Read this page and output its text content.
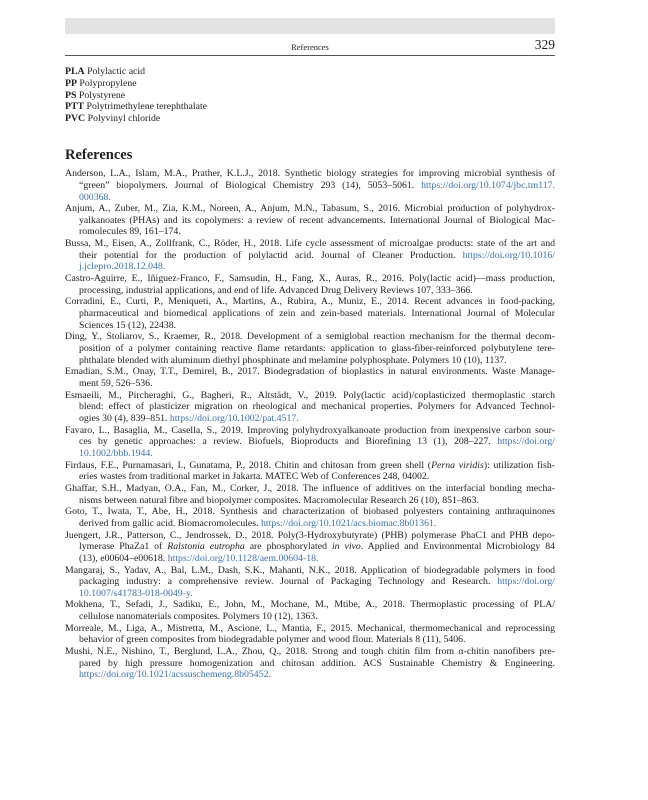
References	329
PLA Polylactic acid
PP Polypropylene
PS Polystyrene
PTT Polytrimethylene terephthalate
PVC Polyvinyl chloride
References
Anderson, L.A., Islam, M.A., Prather, K.L.J., 2018. Synthetic biology strategies for improving microbial synthesis of
“green” biopolymers. Journal of Biological Chemistry 293 (14), 5053–5061. https://doi.org/10.1074/jbc.tm117.
000368.
Anjum, A., Zuber, M., Zia, K.M., Noreen, A., Anjum, M.N., Tabasum, S., 2016. Microbial production of polyhydrox-
yalkanoates (PHAs) and its copolymers: a review of recent advancements. International Journal of Biological Mac-
romolecules 89, 161–174.
Bussa, M., Eisen, A., Zollfrank, C., Röder, H., 2018. Life cycle assessment of microalgae products: state of the art and
their potential for the production of polylactid acid. Journal of Cleaner Production. https://doi.org/10.1016/
j.jclepro.2018.12.048.
Castro-Aguirre, E., Iñiguez-Franco, F., Samsudin, H., Fang, X., Auras, R., 2016. Poly(lactic acid)—mass production,
processing, industrial applications, and end of life. Advanced Drug Delivery Reviews 107, 333–366.
Corradini, E., Curti, P., Meniqueti, A., Martins, A., Rubira, A., Muniz, E., 2014. Recent advances in food-packing,
pharmaceutical and biomedical applications of zein and zein-based materials. International Journal of Molecular
Sciences 15 (12), 22438.
Ding, Y., Stoliarov, S., Kraemer, R., 2018. Development of a semiglobal reaction mechanism for the thermal decom-
position of a polymer containing reactive flame retardants: application to glass-fiber-reinforced polybutylene tere-
phthalate blended with aluminum diethyl phosphinate and melamine polyphosphate. Polymers 10 (10), 1137.
Emadian, S.M., Onay, T.T., Demirel, B., 2017. Biodegradation of bioplastics in natural environments. Waste Manage-
ment 59, 526–536.
Esmaeili, M., Pircheraghi, G., Bagheri, R., Altstädt, V., 2019. Poly(lactic acid)/coplasticized thermoplastic starch
blend: effect of plasticizer migration on rheological and mechanical properties. Polymers for Advanced Technol-
ogies 30 (4), 839–851. https://doi.org/10.1002/pat.4517.
Favaro, L., Basaglia, M., Casella, S., 2019. Improving polyhydroxyalkanoate production from inexpensive carbon sour-
ces by genetic approaches: a review. Biofuels, Bioproducts and Biorefining 13 (1), 208–227. https://doi.org/
10.1002/bbb.1944.
Firdaus, F.E., Purnamasari, I., Gunatama, P., 2018. Chitin and chitosan from green shell (Perna viridis): utilization fish-
eries wastes from traditional market in Jakarta. MATEC Web of Conferences 248, 04002.
Ghaffar, S.H., Madyan, O.A., Fan, M., Corker, J., 2018. The influence of additives on the interfacial bonding mecha-
nisms between natural fibre and biopolymer composites. Macromolecular Research 26 (10), 851–863.
Goto, T., Iwata, T., Abe, H., 2018. Synthesis and characterization of biobased polyesters containing anthraquinones
derived from gallic acid. Biomacromolecules. https://doi.org/10.1021/acs.biomac.8b01361.
Juengert, J.R., Patterson, C., Jendrossek, D., 2018. Poly(3-Hydroxybutyrate) (PHB) polymerase PhaC1 and PHB depo-
lymerase PhaZa1 of Ralstonia eutropha are phosphorylated in vivo. Applied and Environmental Microbiology 84
(13), e00604–e00618. https://doi.org/10.1128/aem.00604-18.
Mangaraj, S., Yadav, A., Bal, L.M., Dash, S.K., Mahanti, N.K., 2018. Application of biodegradable polymers in food
packaging industry: a comprehensive review. Journal of Packaging Technology and Research. https://doi.org/
10.1007/s41783-018-0049-y.
Mokhena, T., Sefadi, J., Sadiku, E., John, M., Mochane, M., Mtibe, A., 2018. Thermoplastic processing of PLA/
cellulose nanomaterials composites. Polymers 10 (12), 1363.
Morreale, M., Liga, A., Mistretta, M., Ascione, L., Mantia, F., 2015. Mechanical, thermomechanical and reprocessing
behavior of green composites from biodegradable polymer and wood flour. Materials 8 (11), 5406.
Mushi, N.E., Nishino, T., Berglund, L.A., Zhou, Q., 2018. Strong and tough chitin film from α-chitin nanofibers pre-
pared by high pressure homogenization and chitosan addition. ACS Sustainable Chemistry & Engineering.
https://doi.org/10.1021/acssuschemeng.8b05452.
